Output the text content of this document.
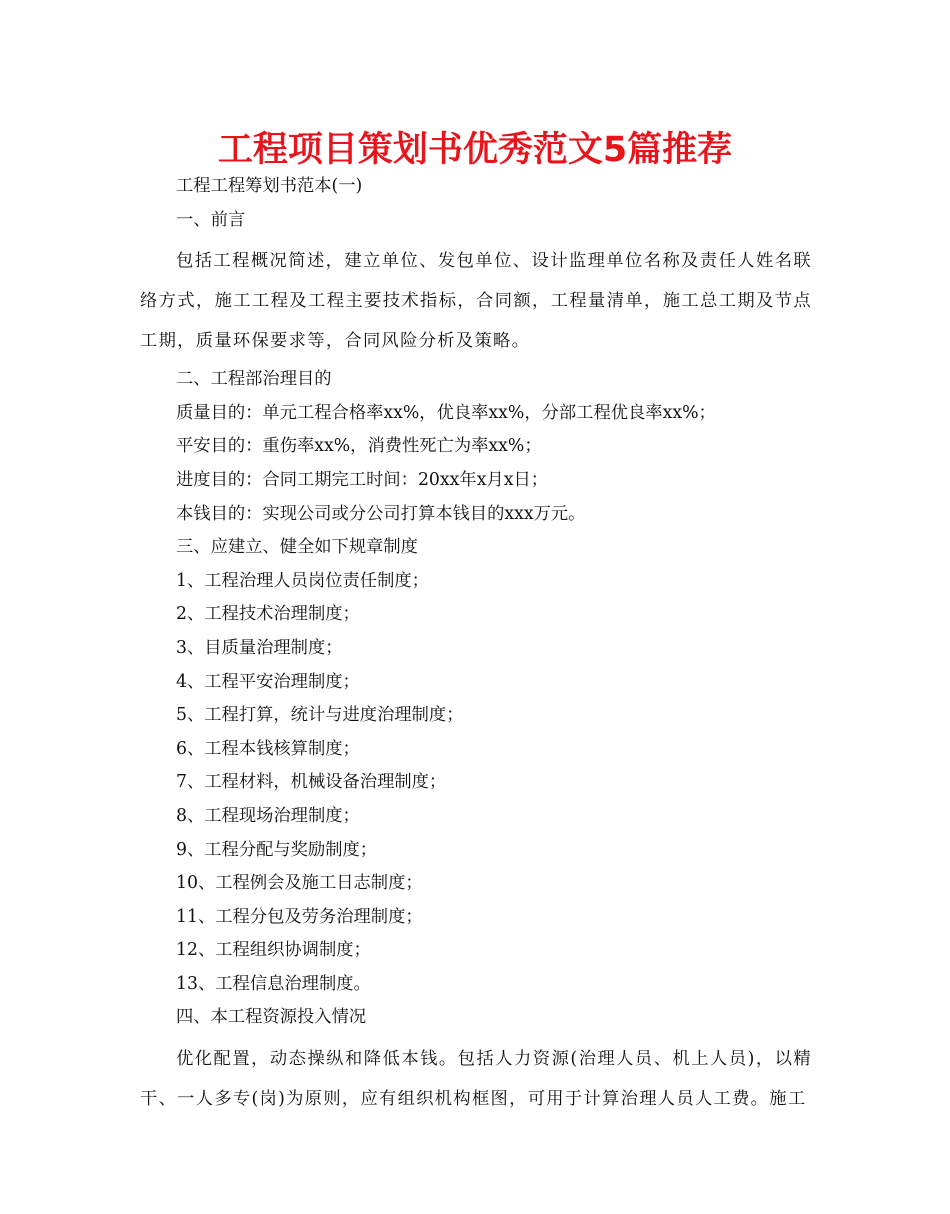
工程项目策划书优秀范文5篇推荐
工程工程筹划书范本(一)
一、前言

包括工程概况简述，建立单位、发包单位、设计监理单位名称及责任人姓名联络方式，施工工程及工程主要技术指标，合同额，工程量清单，施工总工期及节点工期，质量环保要求等，合同风险分析及策略。

二、工程部治理目的
质量目的：单元工程合格率xx%，优良率xx%，分部工程优良率xx%；
平安目的：重伤率xx%，消费性死亡为率xx%；
进度目的：合同工期完工时间：20xx年x月x日；
本钱目的：实现公司或分公司打算本钱目的xxx万元。
三、应建立、健全如下规章制度
1、工程治理人员岗位责任制度；
2、工程技术治理制度；
3、目质量治理制度；
4、工程平安治理制度；
5、工程打算，统计与进度治理制度；
6、工程本钱核算制度；
7、工程材料，机械设备治理制度；
8、工程现场治理制度；
9、工程分配与奖励制度；
10、工程例会及施工日志制度；
11、工程分包及劳务治理制度；
12、工程组织协调制度；
13、工程信息治理制度。
四、本工程资源投入情况

优化配置，动态操纵和降低本钱。包括人力资源(治理人员、机上人员)，以精干、一人多专(岗)为原则，应有组织机构框图，可用于计算治理人员人工费。施工
